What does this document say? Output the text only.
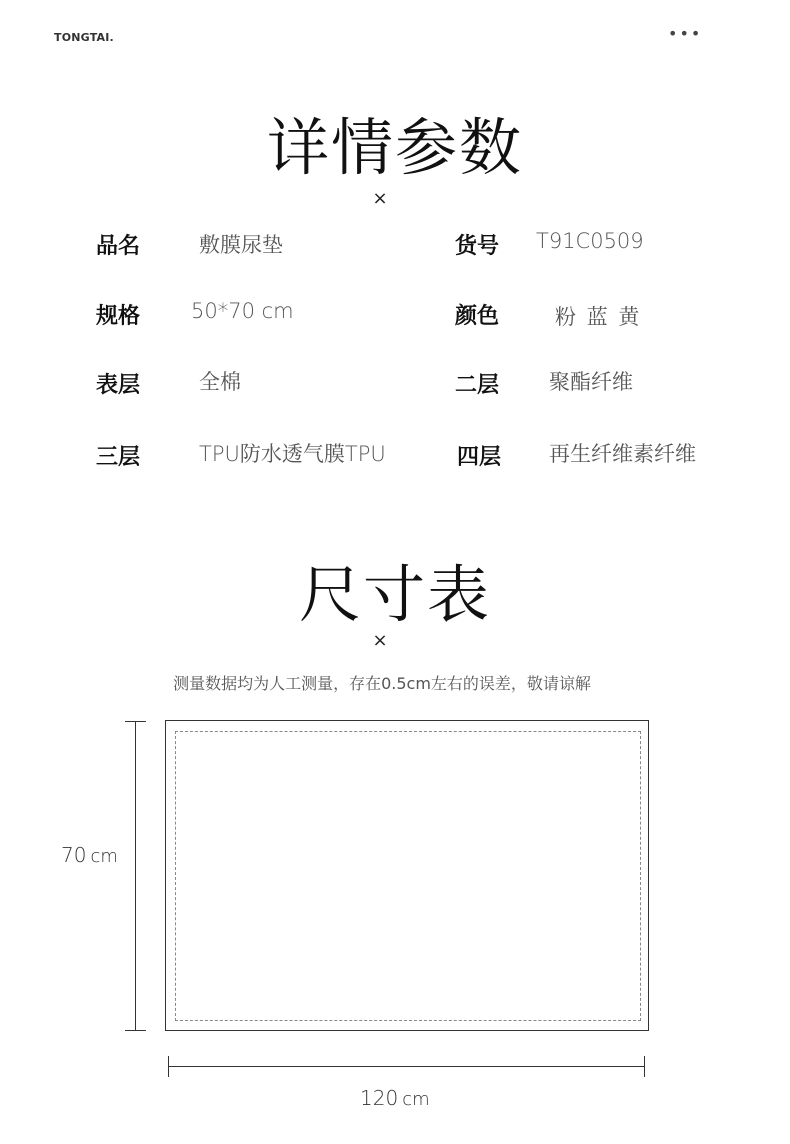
TONGTAI.	•••
详情参数
×
品名	敷膜尿垫	货号 T91C0509
规格 50*70 cm	颜色	粉 蓝 黄
表层	全棉	二层 聚酯纤维
三层	TPU防水透气膜TPU	四层 再生纤维素纤维
尺寸表
×
测量数据均为人工测量，存在0.5cm左右的误差，敬请谅解
70 cm
120 cm
